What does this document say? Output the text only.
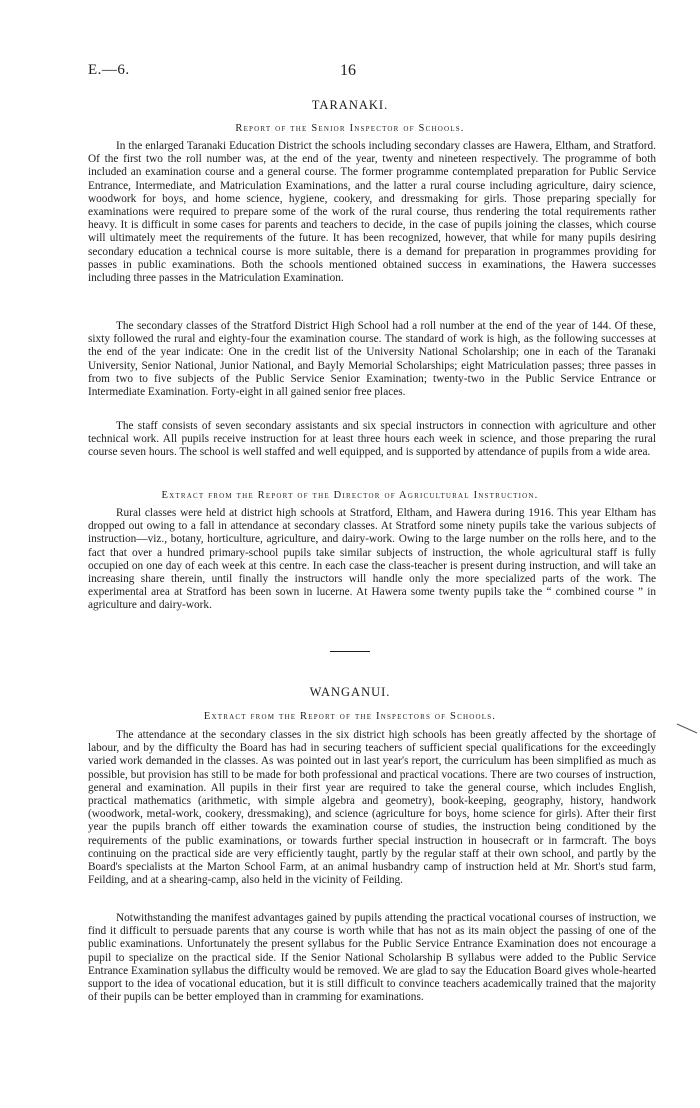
E.—6.	16
TARANAKI.
Report of the Senior Inspector of Schools.

In the enlarged Taranaki Education District the schools including secondary classes are Hawera, Eltham, and Stratford. Of the first two the roll number was, at the end of the year, twenty and nineteen respectively. The programme of both included an examination course and a general course. The former programme contemplated preparation for Public Service Entrance, Intermediate, and Matriculation Examinations, and the latter a rural course including agriculture, dairy science, woodwork for boys, and home science, hygiene, cookery, and dressmaking for girls. Those preparing specially for examinations were required to prepare some of the work of the rural course, thus rendering the total requirements rather heavy. It is difficult in some cases for parents and teachers to decide, in the case of pupils joining the classes, which course will ultimately meet the requirements of the future. It has been recognized, however, that while for many pupils desiring secondary education a technical course is more suitable, there is a demand for preparation in programmes providing for passes in public examinations. Both the schools mentioned obtained success in examinations, the Hawera successes including three passes in the Matriculation Examination.

The secondary classes of the Stratford District High School had a roll number at the end of the year of 144. Of these, sixty followed the rural and eighty-four the examination course. The standard of work is high, as the following successes at the end of the year indicate: One in the credit list of the University National Scholarship; one in each of the Taranaki University, Senior National, Junior National, and Bayly Memorial Scholarships; eight Matriculation passes; three passes in from two to five subjects of the Public Service Senior Examination; twenty-two in the Public Service Entrance or Intermediate Examination. Forty-eight in all gained senior free places.

The staff consists of seven secondary assistants and six special instructors in connection with agriculture and other technical work. All pupils receive instruction for at least three hours each week in science, and those preparing the rural course seven hours. The school is well staffed and well equipped, and is supported by attendance of pupils from a wide area.

Extract from the Report of the Director of Agricultural Instruction.

Rural classes were held at district high schools at Stratford, Eltham, and Hawera during 1916. This year Eltham has dropped out owing to a fall in attendance at secondary classes. At Stratford some ninety pupils take the various subjects of instruction—viz., botany, horticulture, agriculture, and dairy-work. Owing to the large number on the rolls here, and to the fact that over a hundred primary-school pupils take similar subjects of instruction, the whole agricultural staff is fully occupied on one day of each week at this centre. In each case the class-teacher is present during instruction, and will take an increasing share therein, until finally the instructors will handle only the more specialized parts of the work. The experimental area at Stratford has been sown in lucerne. At Hawera some twenty pupils take the “ combined course ” in agriculture and dairy-work.

WANGANUI.
Extract from the Report of the Inspectors of Schools.

The attendance at the secondary classes in the six district high schools has been greatly affected by the shortage of labour, and by the difficulty the Board has had in securing teachers of sufficient special qualifications for the exceedingly varied work demanded in the classes. As was pointed out in last year's report, the curriculum has been simplified as much as possible, but provision has still to be made for both professional and practical vocations. There are two courses of instruction, general and examination. All pupils in their first year are required to take the general course, which includes English, practical mathematics (arithmetic, with simple algebra and geometry), book-keeping, geography, history, handwork (woodwork, metal-work, cookery, dressmaking), and science (agriculture for boys, home science for girls). After their first year the pupils branch off either towards the examination course of studies, the instruction being conditioned by the requirements of the public examinations, or towards further special instruction in housecraft or in farmcraft. The boys continuing on the practical side are very efficiently taught, partly by the regular staff at their own school, and partly by the Board's specialists at the Marton School Farm, at an animal husbandry camp of instruction held at Mr. Short's stud farm, Feilding, and at a shearing-camp, also held in the vicinity of Feilding.

Notwithstanding the manifest advantages gained by pupils attending the practical vocational courses of instruction, we find it difficult to persuade parents that any course is worth while that has not as its main object the passing of one of the public examinations. Unfortunately the present syllabus for the Public Service Entrance Examination does not encourage a pupil to specialize on the practical side. If the Senior National Scholarship B syllabus were added to the Public Service Entrance Examination syllabus the difficulty would be removed. We are glad to say the Education Board gives whole-hearted support to the idea of vocational education, but it is still difficult to convince teachers academically trained that the majority of their pupils can be better employed than in cramming for examinations.
